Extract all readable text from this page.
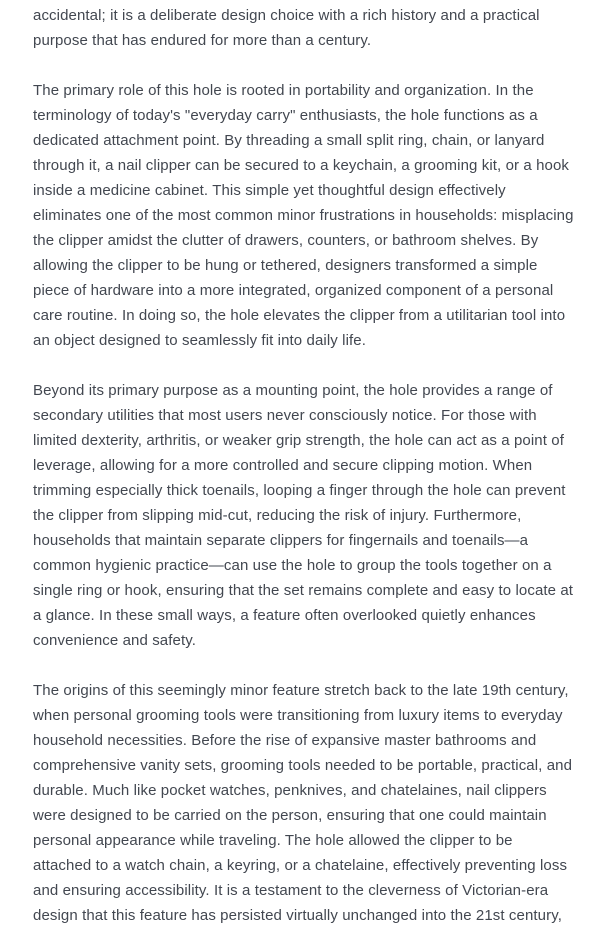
accidental; it is a deliberate design choice with a rich history and a practical purpose that has endured for more than a century.

The primary role of this hole is rooted in portability and organization. In the terminology of today's "everyday carry" enthusiasts, the hole functions as a dedicated attachment point. By threading a small split ring, chain, or lanyard through it, a nail clipper can be secured to a keychain, a grooming kit, or a hook inside a medicine cabinet. This simple yet thoughtful design effectively eliminates one of the most common minor frustrations in households: misplacing the clipper amidst the clutter of drawers, counters, or bathroom shelves. By allowing the clipper to be hung or tethered, designers transformed a simple piece of hardware into a more integrated, organized component of a personal care routine. In doing so, the hole elevates the clipper from a utilitarian tool into an object designed to seamlessly fit into daily life.

Beyond its primary purpose as a mounting point, the hole provides a range of secondary utilities that most users never consciously notice. For those with limited dexterity, arthritis, or weaker grip strength, the hole can act as a point of leverage, allowing for a more controlled and secure clipping motion. When trimming especially thick toenails, looping a finger through the hole can prevent the clipper from slipping mid-cut, reducing the risk of injury. Furthermore, households that maintain separate clippers for fingernails and toenails—a common hygienic practice—can use the hole to group the tools together on a single ring or hook, ensuring that the set remains complete and easy to locate at a glance. In these small ways, a feature often overlooked quietly enhances convenience and safety.

The origins of this seemingly minor feature stretch back to the late 19th century, when personal grooming tools were transitioning from luxury items to everyday household necessities. Before the rise of expansive master bathrooms and comprehensive vanity sets, grooming tools needed to be portable, practical, and durable. Much like pocket watches, penknives, and chatelaines, nail clippers were designed to be carried on the person, ensuring that one could maintain personal appearance while traveling. The hole allowed the clipper to be attached to a watch chain, a keyring, or a chatelaine, effectively preventing loss and ensuring accessibility. It is a testament to the cleverness of Victorian-era design that this feature has persisted virtually unchanged into the 21st century,
